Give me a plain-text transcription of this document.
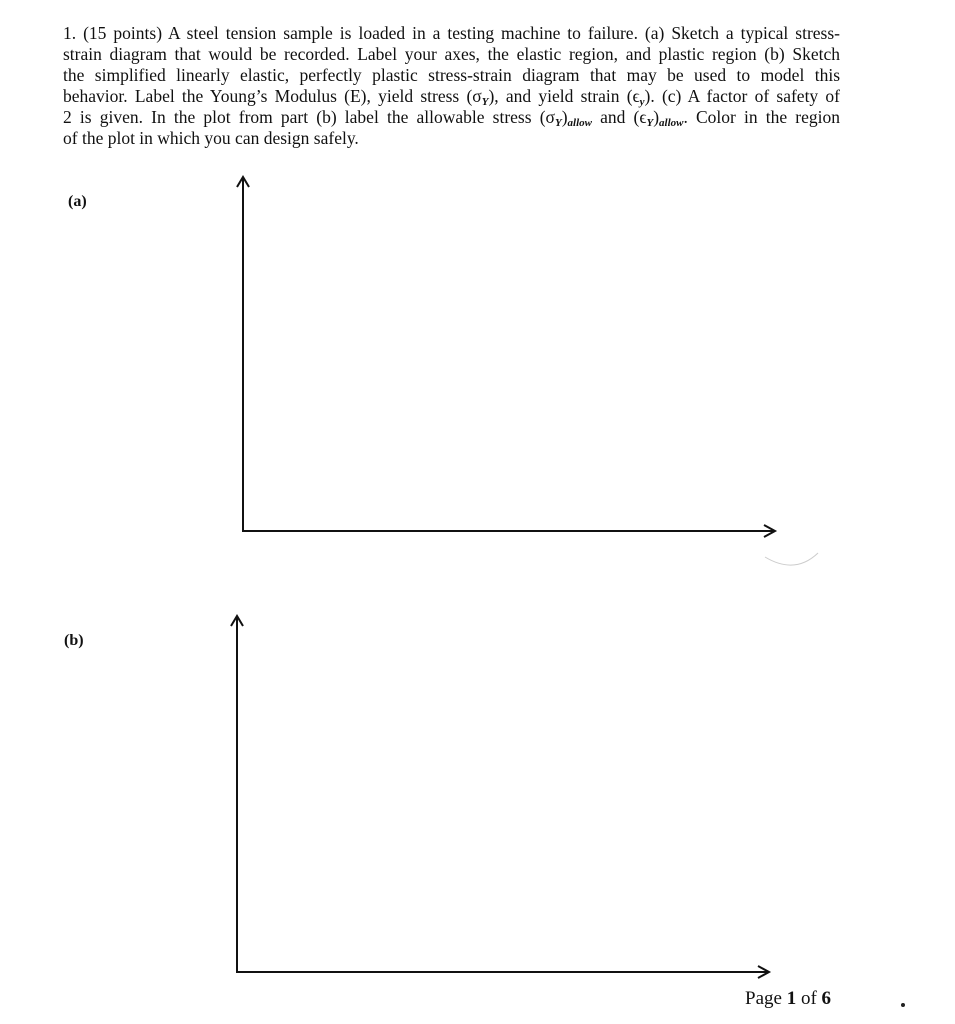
1. (15 points) A steel tension sample is loaded in a testing machine to failure. (a) Sketch a typical stress-
strain diagram that would be recorded. Label your axes, the elastic region, and plastic region (b) Sketch
the simplified linearly elastic, perfectly plastic stress-strain diagram that may be used to model this
behavior. Label the Young’s Modulus (E), yield stress $(\sigma_Y)$, and yield strain $(\epsilon_y)$. (c) A factor of safety of
2 is given. In the plot from part (b) label the allowable stress $(\sigma_Y)_{allow}$ and $(\epsilon_Y)_{allow}$. Color in the region
of the plot in which you can design safely.
(a)
(b)
Page 1 of 6
